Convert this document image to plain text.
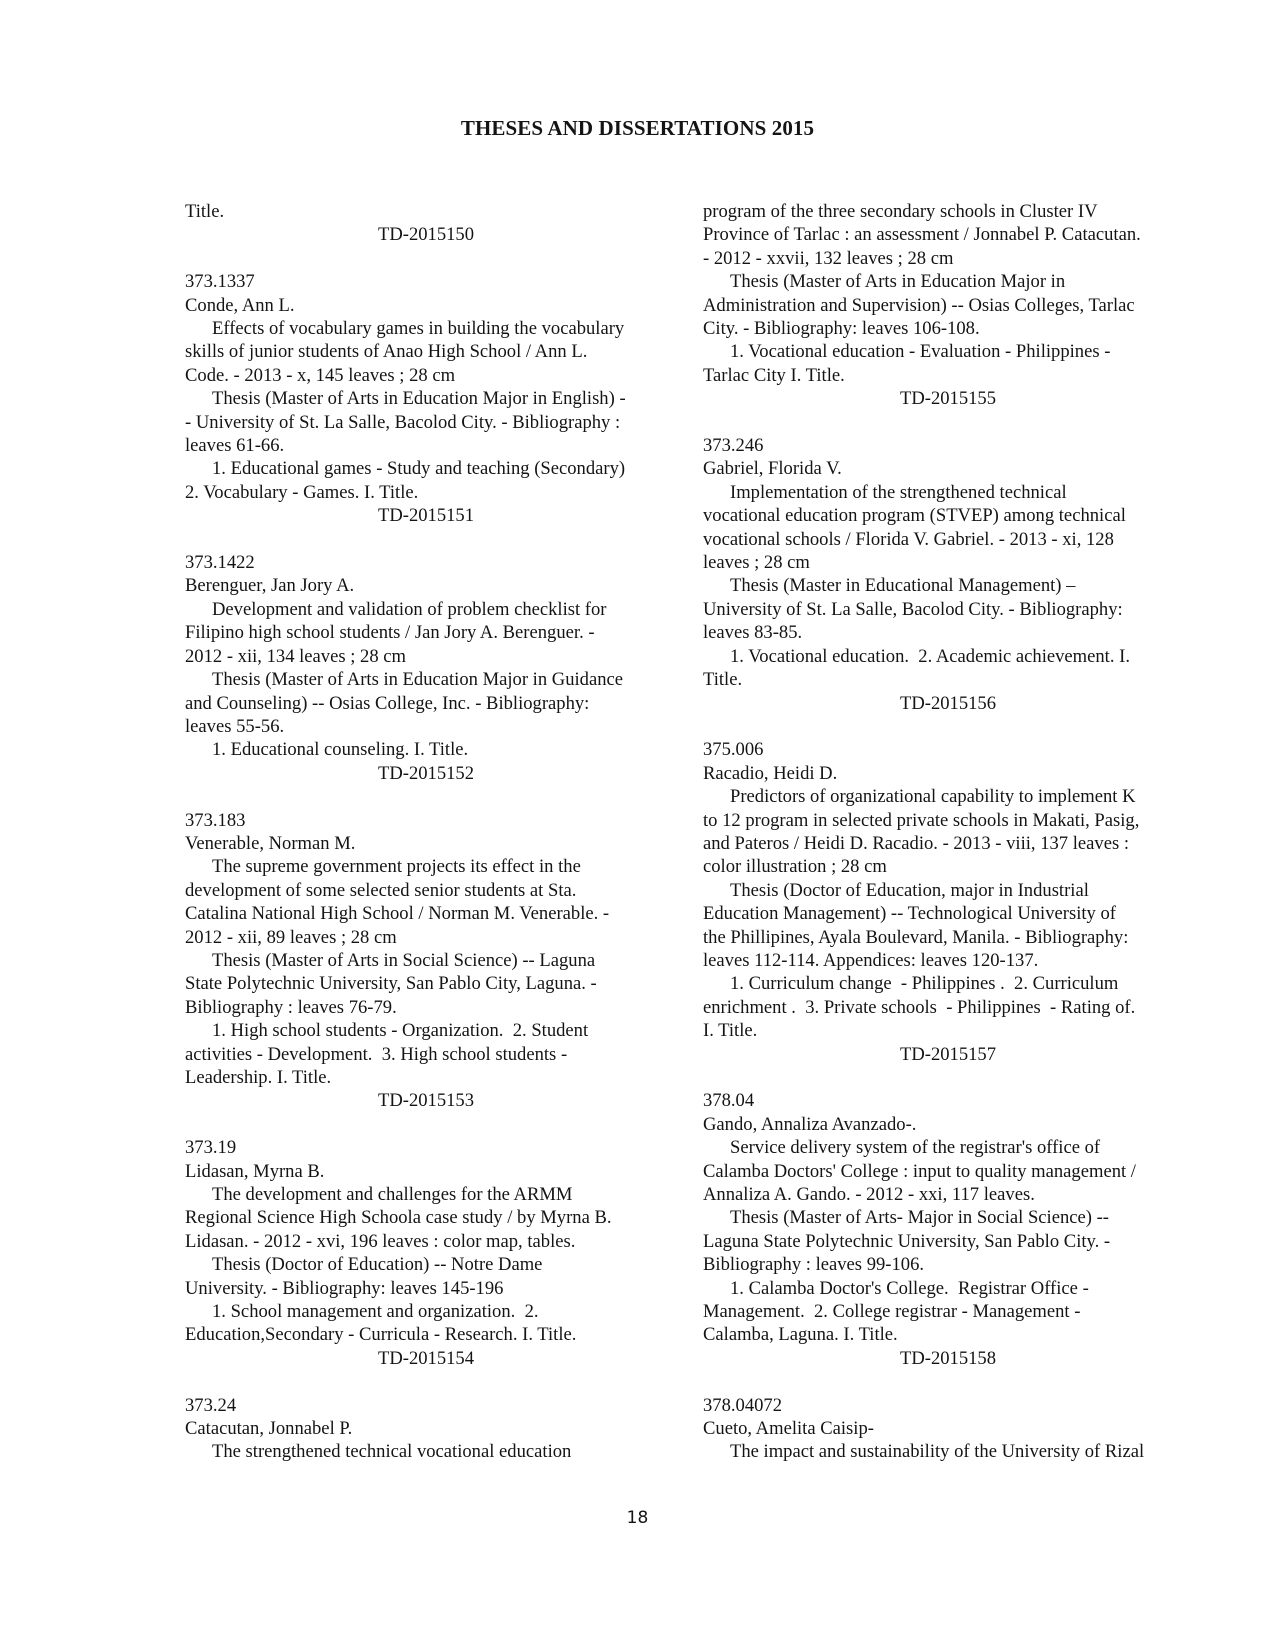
THESES AND DISSERTATIONS 2015
Title.
TD-2015150
373.1337
Conde, Ann L.
Effects of vocabulary games in building the vocabulary
skills of junior students of Anao High School / Ann L.
Code. - 2013 - x, 145 leaves ; 28 cm
Thesis (Master of Arts in Education Major in English) -
- University of St. La Salle, Bacolod City. - Bibliography :
leaves 61-66.
1. Educational games - Study and teaching (Secondary)
2. Vocabulary - Games. I. Title.
TD-2015151
373.1422
Berenguer, Jan Jory A.
Development and validation of problem checklist for
Filipino high school students / Jan Jory A. Berenguer. -
2012 - xii, 134 leaves ; 28 cm
Thesis (Master of Arts in Education Major in Guidance
and Counseling) -- Osias College, Inc. - Bibliography:
leaves 55-56.
1. Educational counseling. I. Title.
TD-2015152
373.183
Venerable, Norman M.
The supreme government projects its effect in the
development of some selected senior students at Sta.
Catalina National High School / Norman M. Venerable. -
2012 - xii, 89 leaves ; 28 cm
Thesis (Master of Arts in Social Science) -- Laguna
State Polytechnic University, San Pablo City, Laguna. -
Bibliography : leaves 76-79.
1. High school students - Organization.  2. Student
activities - Development.  3. High school students -
Leadership. I. Title.
TD-2015153
373.19
Lidasan, Myrna B.
The development and challenges for the ARMM
Regional Science High Schoola case study / by Myrna B.
Lidasan. - 2012 - xvi, 196 leaves : color map, tables.
Thesis (Doctor of Education) -- Notre Dame
University. - Bibliography: leaves 145-196
1. School management and organization.  2.
Education,Secondary - Curricula - Research. I. Title.
TD-2015154
373.24
Catacutan, Jonnabel P.
The strengthened technical vocational education
program of the three secondary schools in Cluster IV
Province of Tarlac : an assessment / Jonnabel P. Catacutan.
- 2012 - xxvii, 132 leaves ; 28 cm
Thesis (Master of Arts in Education Major in
Administration and Supervision) -- Osias Colleges, Tarlac
City. - Bibliography: leaves 106-108.
1. Vocational education - Evaluation - Philippines -
Tarlac City I. Title.
TD-2015155
373.246
Gabriel, Florida V.
Implementation of the strengthened technical
vocational education program (STVEP) among technical
vocational schools / Florida V. Gabriel. - 2013 - xi, 128
leaves ; 28 cm
Thesis (Master in Educational Management) –
University of St. La Salle, Bacolod City. - Bibliography:
leaves 83-85.
1. Vocational education.  2. Academic achievement. I.
Title.
TD-2015156
375.006
Racadio, Heidi D.
Predictors of organizational capability to implement K
to 12 program in selected private schools in Makati, Pasig,
and Pateros / Heidi D. Racadio. - 2013 - viii, 137 leaves :
color illustration ; 28 cm
Thesis (Doctor of Education, major in Industrial
Education Management) -- Technological University of
the Phillipines, Ayala Boulevard, Manila. - Bibliography:
leaves 112-114. Appendices: leaves 120-137.
1. Curriculum change  - Philippines .  2. Curriculum
enrichment .  3. Private schools  - Philippines  - Rating of.
I. Title.
TD-2015157
378.04
Gando, Annaliza Avanzado-.
Service delivery system of the registrar's office of
Calamba Doctors' College : input to quality management /
Annaliza A. Gando. - 2012 - xxi, 117 leaves.
Thesis (Master of Arts- Major in Social Science) --
Laguna State Polytechnic University, San Pablo City. -
Bibliography : leaves 99-106.
1. Calamba Doctor's College.  Registrar Office -
Management.  2. College registrar - Management -
Calamba, Laguna. I. Title.
TD-2015158
378.04072
Cueto, Amelita Caisip-
The impact and sustainability of the University of Rizal
18
